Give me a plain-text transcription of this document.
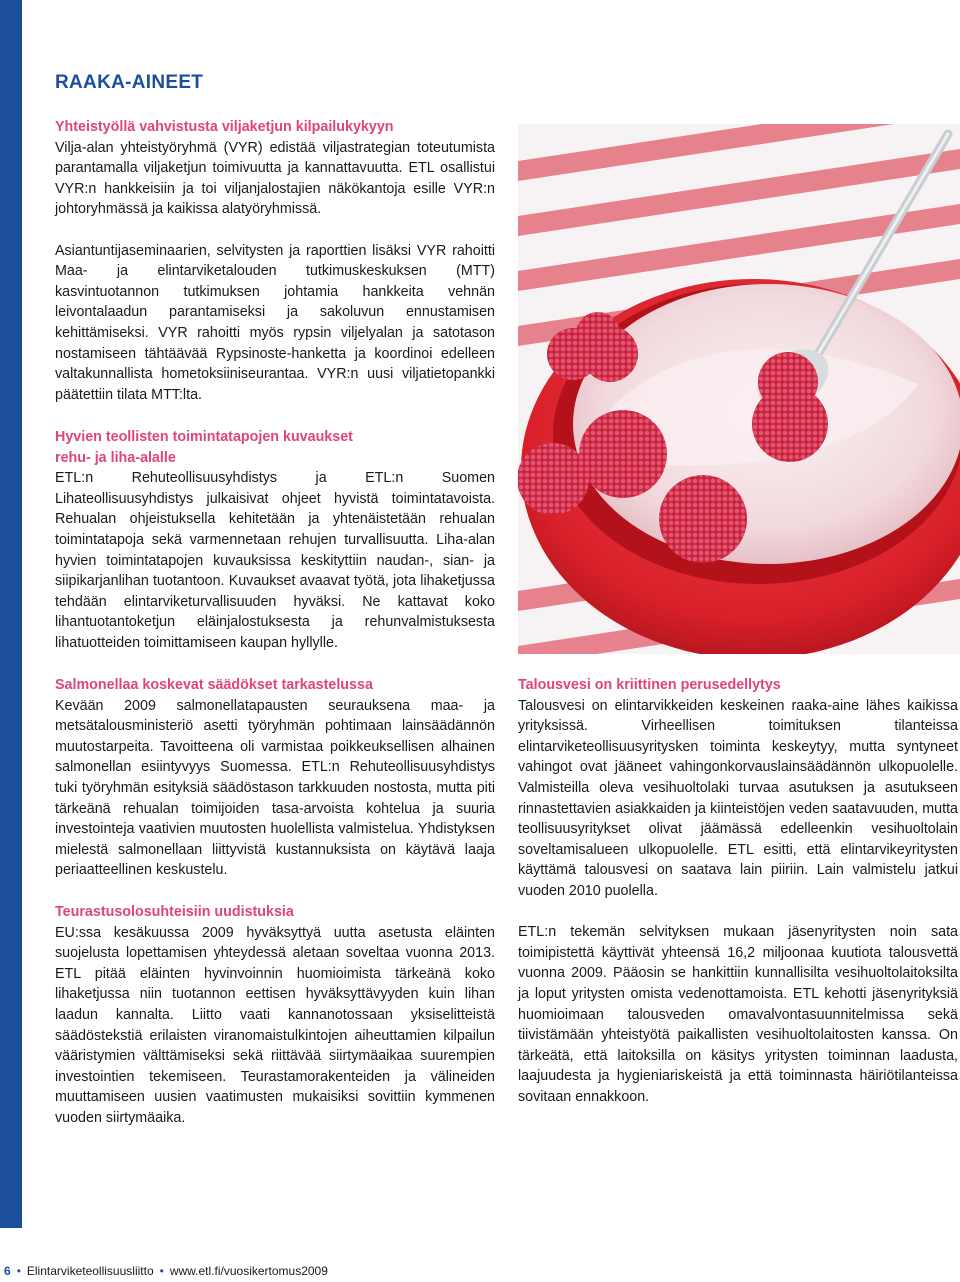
RAAKA-AINEET
Yhteistyöllä vahvistusta viljaketjun kilpailukykyyn

Vilja-alan yhteistyöryhmä (VYR) edistää viljastrategian toteutumista parantamalla viljaketjun toimivuutta ja kannattavuutta. ETL osallistui VYR:n hankkeisiin ja toi viljanjalostajien näkökantoja esille VYR:n johtoryhmässä ja kaikissa alatyöryhmissä.

Asiantuntijaseminaarien, selvitysten ja raporttien lisäksi VYR rahoitti Maa- ja elintarviketalouden tutkimuskeskuksen (MTT) kasvintuotannon tutkimuksen johtamia hankkeita vehnän leivontalaadun parantamiseksi ja sakoluvun ennustamisen kehittämiseksi. VYR rahoitti myös rypsin viljelyalan ja satotason nostamiseen tähtäävää Rypsinoste-hanketta ja koordinoi edelleen valtakunnallista hometoksiiniseurantaa. VYR:n uusi viljatietopankki päätettiin tilata MTT:lta.

Hyvien teollisten toimintatapojen kuvaukset
rehu- ja liha-alalle

ETL:n Rehuteollisuusyhdistys ja ETL:n Suomen Lihateollisuusyhdistys julkaisivat ohjeet hyvistä toimintatavoista. Rehualan ohjeistuksella kehitetään ja yhtenäistetään rehualan toimintatapoja sekä varmennetaan rehujen turvallisuutta. Liha-alan hyvien toimintatapojen kuvauksissa keskityttiin naudan-, sian- ja siipikarjanlihan tuotantoon. Kuvaukset avaavat työtä, jota lihaketjussa tehdään elintarviketurvallisuuden hyväksi. Ne kattavat koko lihantuotantoketjun eläinjalostuksesta ja rehunvalmistuksesta lihatuotteiden toimittamiseen kaupan hyllylle.

Salmonellaa koskevat säädökset tarkastelussa

Kevään 2009 salmonellatapausten seurauksena maa- ja metsätalousministeriö asetti työryhmän pohtimaan lainsäädännön muutostarpeita. Tavoitteena oli varmistaa poikkeuksellisen alhainen salmonellan esiintyvyys Suomessa. ETL:n Rehuteollisuusyhdistys tuki työryhmän esityksiä säädöstason tarkkuuden nostosta, mutta piti tärkeänä rehualan toimijoiden tasa-arvoista kohtelua ja suuria investointeja vaativien muutosten huolellista valmistelua. Yhdistyksen mielestä salmonellaan liittyvistä kustannuksista on käytävä laaja periaatteellinen keskustelu.

Teurastusolosuhteisiin uudistuksia

EU:ssa kesäkuussa 2009 hyväksyttyä uutta asetusta eläinten suojelusta lopettamisen yhteydessä aletaan soveltaa vuonna 2013. ETL pitää eläinten hyvinvoinnin huomioimista tärkeänä koko lihaketjussa niin tuotannon eettisen hyväksyttävyyden kuin lihan laadun kannalta. Liitto vaati kannanotossaan yksiselitteistä säädöstekstiä erilaisten viranomaistulkintojen aiheuttamien kilpailun vääristymien välttämiseksi sekä riittävää siirtymäaikaa suurempien investointien tekemiseen. Teurastamorakenteiden ja välineiden muuttamiseen uusien vaatimusten mukaisiksi sovittiin kymmenen vuoden siirtymäaika.

Talousvesi on kriittinen perusedellytys

Talousvesi on elintarvikkeiden keskeinen raaka-aine lähes kaikissa yrityksissä. Virheellisen toimituksen tilanteissa elintarviketeollisuusyritysken toiminta keskeytyy, mutta syntyneet vahingot ovat jääneet vahingonkorvauslainsäädännön ulkopuolelle. Valmisteilla oleva vesihuoltolaki turvaa asutuksen ja asutukseen rinnastettavien asiakkaiden ja kiinteistöjen veden saatavuuden, mutta teollisuusyritykset olivat jäämässä edelleenkin vesihuoltolain soveltamisalueen ulkopuolelle. ETL esitti, että elintarvikeyritysten käyttämä talousvesi on saatava lain piiriin. Lain valmistelu jatkui vuoden 2010 puolella.

ETL:n tekemän selvityksen mukaan jäsenyritysten noin sata toimipistettä käyttivät yhteensä 16,2 miljoonaa kuutiota talousvettä vuonna 2009. Pääosin se hankittiin kunnallisilta vesihuoltolaitoksilta ja loput yritysten omista vedenottamoista. ETL kehotti jäsenyrityksiä huomioimaan talousveden omavalvontasuunnitelmissa sekä tiivistämään yhteistyötä paikallisten vesihuoltolaitosten kanssa. On tärkeätä, että laitoksilla on käsitys yritysten toiminnan laadusta, laajuudesta ja hygieniariskeistä ja että toiminnasta häiriötilanteissa sovitaan ennakkoon.

6 • Elintarviketeollisuusliitto • www.etl.fi/vuosikertomus2009
